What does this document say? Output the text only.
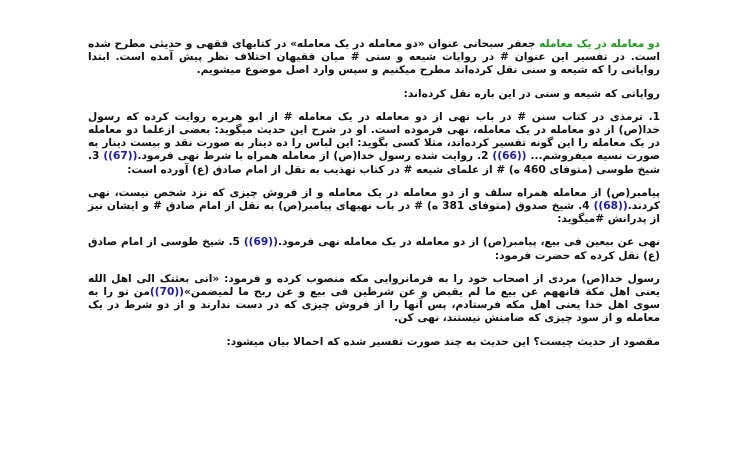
دو معامله در یک معامله جعفر سبحانی عنوان «دو معامله در یک معامله» در کتابهای فقهی و حدیثی مطرح شده است. در تفسیر این عنوان # در روایات شیعه و سنی # میان فقیهان اختلاف نظر پیش آمده است. ابتدا روایاتی را که شیعه و سنی نقل کرده‌اند مطرح میکنیم و سپس وارد اصل موضوع میشویم.

روایاتی که شیعه و سنی در این باره نقل کرده‌اند:

1. ترمذی در کتاب سنن # در باب نهی از دو معامله در یک معامله # از ابو هریره روایت کرده که رسول خدا(ص) از دو معامله در یک معامله، نهی فرموده است. او در شرح این حدیث میگوید: بعضی ازعلما دو معامله در یک معامله را این گونه تفسیر کرده‌اند، مثلا کسی بگوید: این لباس را ده دینار به صورت نقد و بیست دینار به صورت نسیه میفروشم... ((66)) 2. روایت شده رسول خدا(ص) از معامله همراه با شرط نهی فرمود.((67)) 3. شیخ طوسی (متوفای 460 ه) # از علمای شیعه # در کتاب تهذیب به نقل از امام صادق (ع) آورده است:

پیامبر(ص) از معامله همراه سلف و از دو معامله در یک معامله و از فروش چیزی که نزد شخص نیست، نهی کردند.((68)) 4. شیخ صدوق (متوفای 381 ه) # در باب نهیهای پیامبر(ص) به نقل از امام صادق # و ایشان نیز از پدرانش #میگوید:

نهی عن بیعین فی بیع، پیامبر(ص) از دو معامله در یک معامله نهی فرمود.((69)) 5. شیخ طوسی از امام صادق (ع) نقل کرده که حضرت فرمود:

رسول خدا(ص) مردی از اصحاب خود را به فرمانروایی مکه منصوب کرده و فرمود: «انی بعثتک الی اهل الله یعنی اهل مکة فانههم عن بیع ما لم یقبض و عن شرطین فی بیع و عن ربح ما لمیضمن»((70))من تو را به سوی اهل خدا یعنی اهل مکه فرستادم، پس آنها را از فروش چیزی که در دست ندارند و از دو شرط در یک معامله و از سود چیزی که ضامنش نیستند، نهی کن.

مقصود از حدیث چیست؟ این حدیث به چند صورت تفسیر شده که احمالا بیان میشود:
